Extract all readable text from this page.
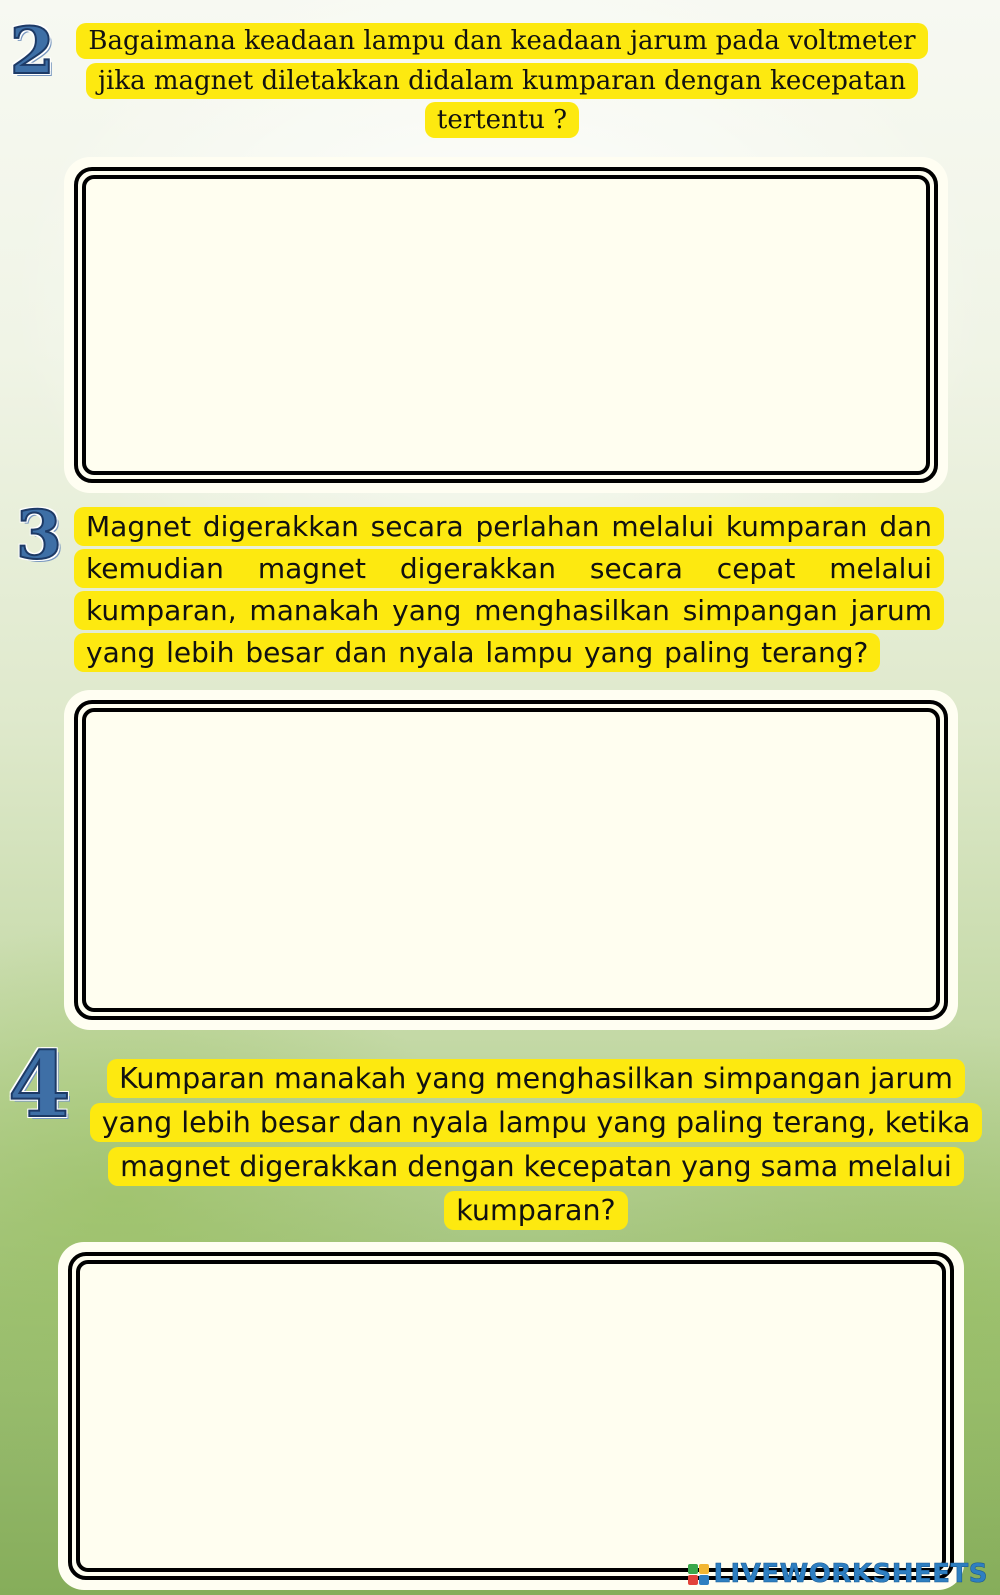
2	Bagaimana keadaan lampu dan keadaan jarum pada voltmeter jika magnet diletakkan didalam kumparan dengan kecepatan tertentu ?

3 Magnet digerakkan secara perlahan melalui kumparan dan kemudian magnet digerakkan secara cepat melalui kumparan, manakah yang menghasilkan simpangan jarum yang lebih besar dan nyala lampu yang paling terang?

4	Kumparan manakah yang menghasilkan simpangan jarum yang lebih besar dan nyala lampu yang paling terang, ketika magnet digerakkan dengan kecepatan yang sama melalui kumparan?

LIVEWORKSHEETS
